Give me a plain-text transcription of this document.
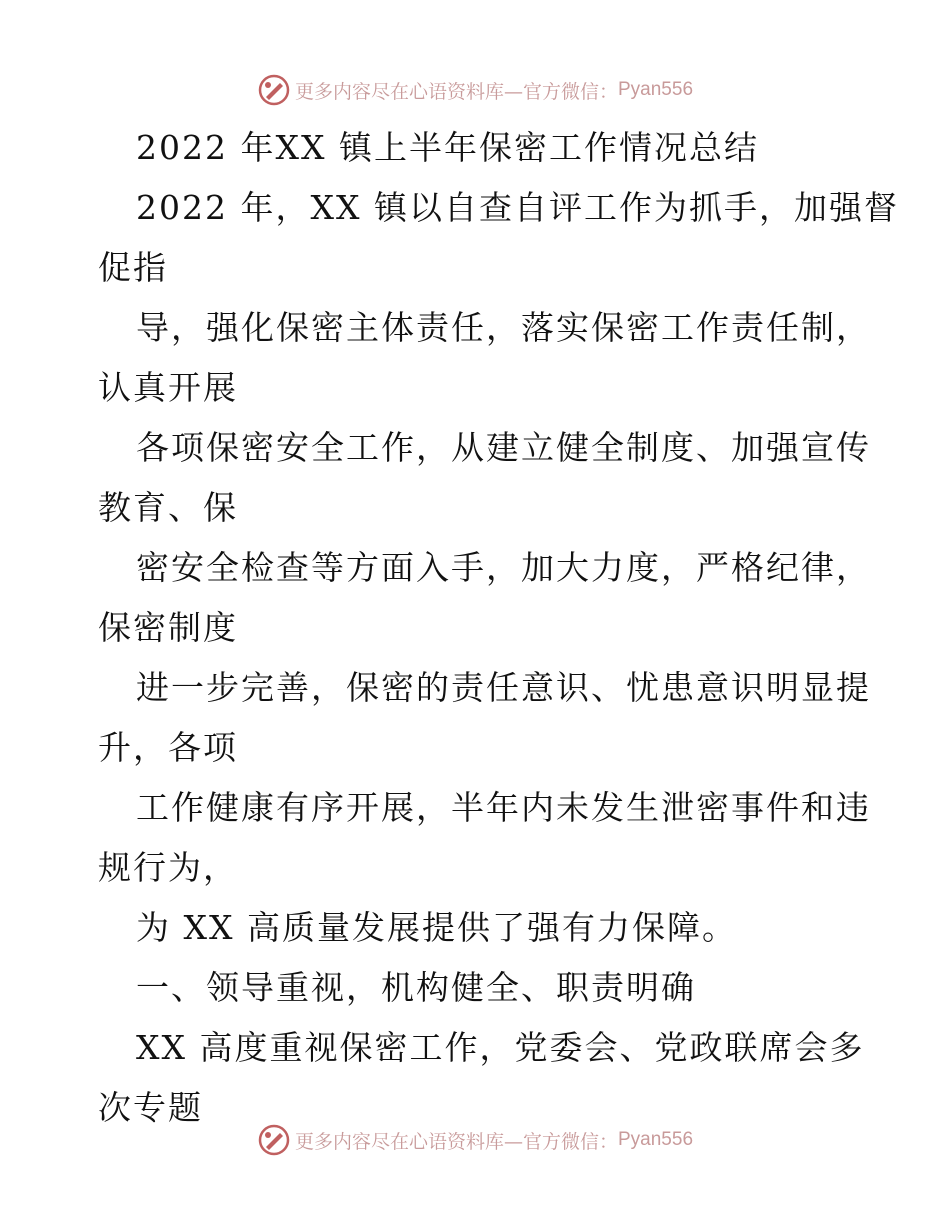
更多内容尽在心语资料库—官方微信： Pyan556
2022 年XX 镇上半年保密工作情况总结
2022 年，XX 镇以自查自评工作为抓手，加强督
促指
导，强化保密主体责任，落实保密工作责任制，
认真开展
各项保密安全工作，从建立健全制度、加强宣传
教育、保
密安全检查等方面入手，加大力度，严格纪律，
保密制度
进一步完善，保密的责任意识、忧患意识明显提
升，各项
工作健康有序开展，半年内未发生泄密事件和违
规行为，
为 XX 高质量发展提供了强有力保障。
一、领导重视，机构健全、职责明确
XX 高度重视保密工作，党委会、党政联席会多
次专题
更多内容尽在心语资料库—官方微信： Pyan556
